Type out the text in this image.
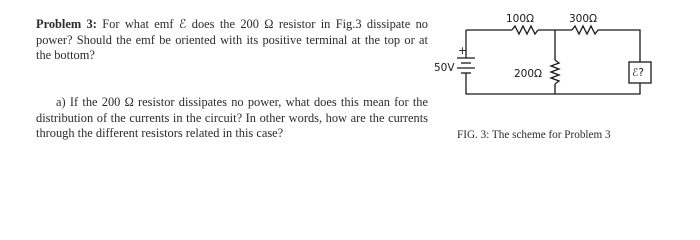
Problem 3: For what emf ℰ does the 200 Ω resistor in Fig.3 dissipate no power? Should the emf be oriented with its positive terminal at the top or at the bottom?

a) If the 200 Ω resistor dissipates no power, what does this mean for the distribution of the currents in the circuit? In other words, how are the currents through the different resistors related in this case?

100Ω	300Ω
200Ω
50V
+
ℰ?
FIG. 3: The scheme for Problem 3
